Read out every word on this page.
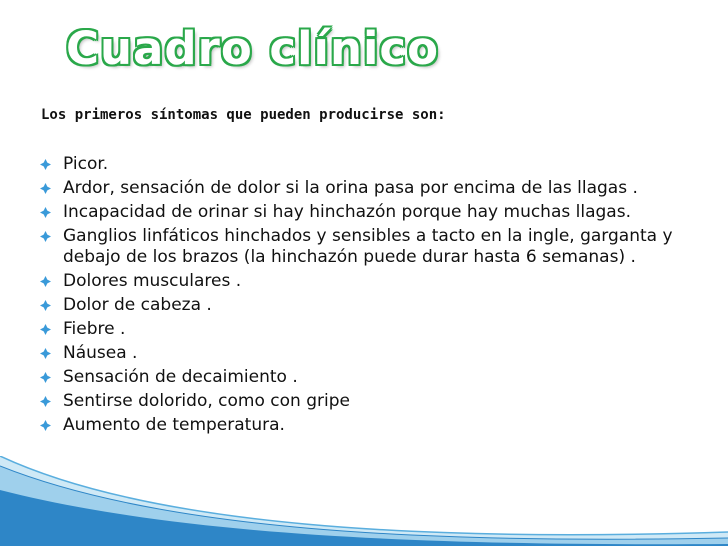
Cuadro clínico
Los primeros síntomas que pueden producirse son:
Picor.
Ardor, sensación de dolor si la orina pasa por encima de las llagas .
Incapacidad de orinar si hay hinchazón porque hay muchas llagas.
Ganglios linfáticos hinchados y sensibles a tacto en la ingle, garganta y debajo de los brazos (la hinchazón puede durar hasta 6 semanas) .
Dolores musculares .
Dolor de cabeza .
Fiebre .
Náusea .
Sensación de decaimiento .
Sentirse dolorido, como con gripe
Aumento de temperatura.
